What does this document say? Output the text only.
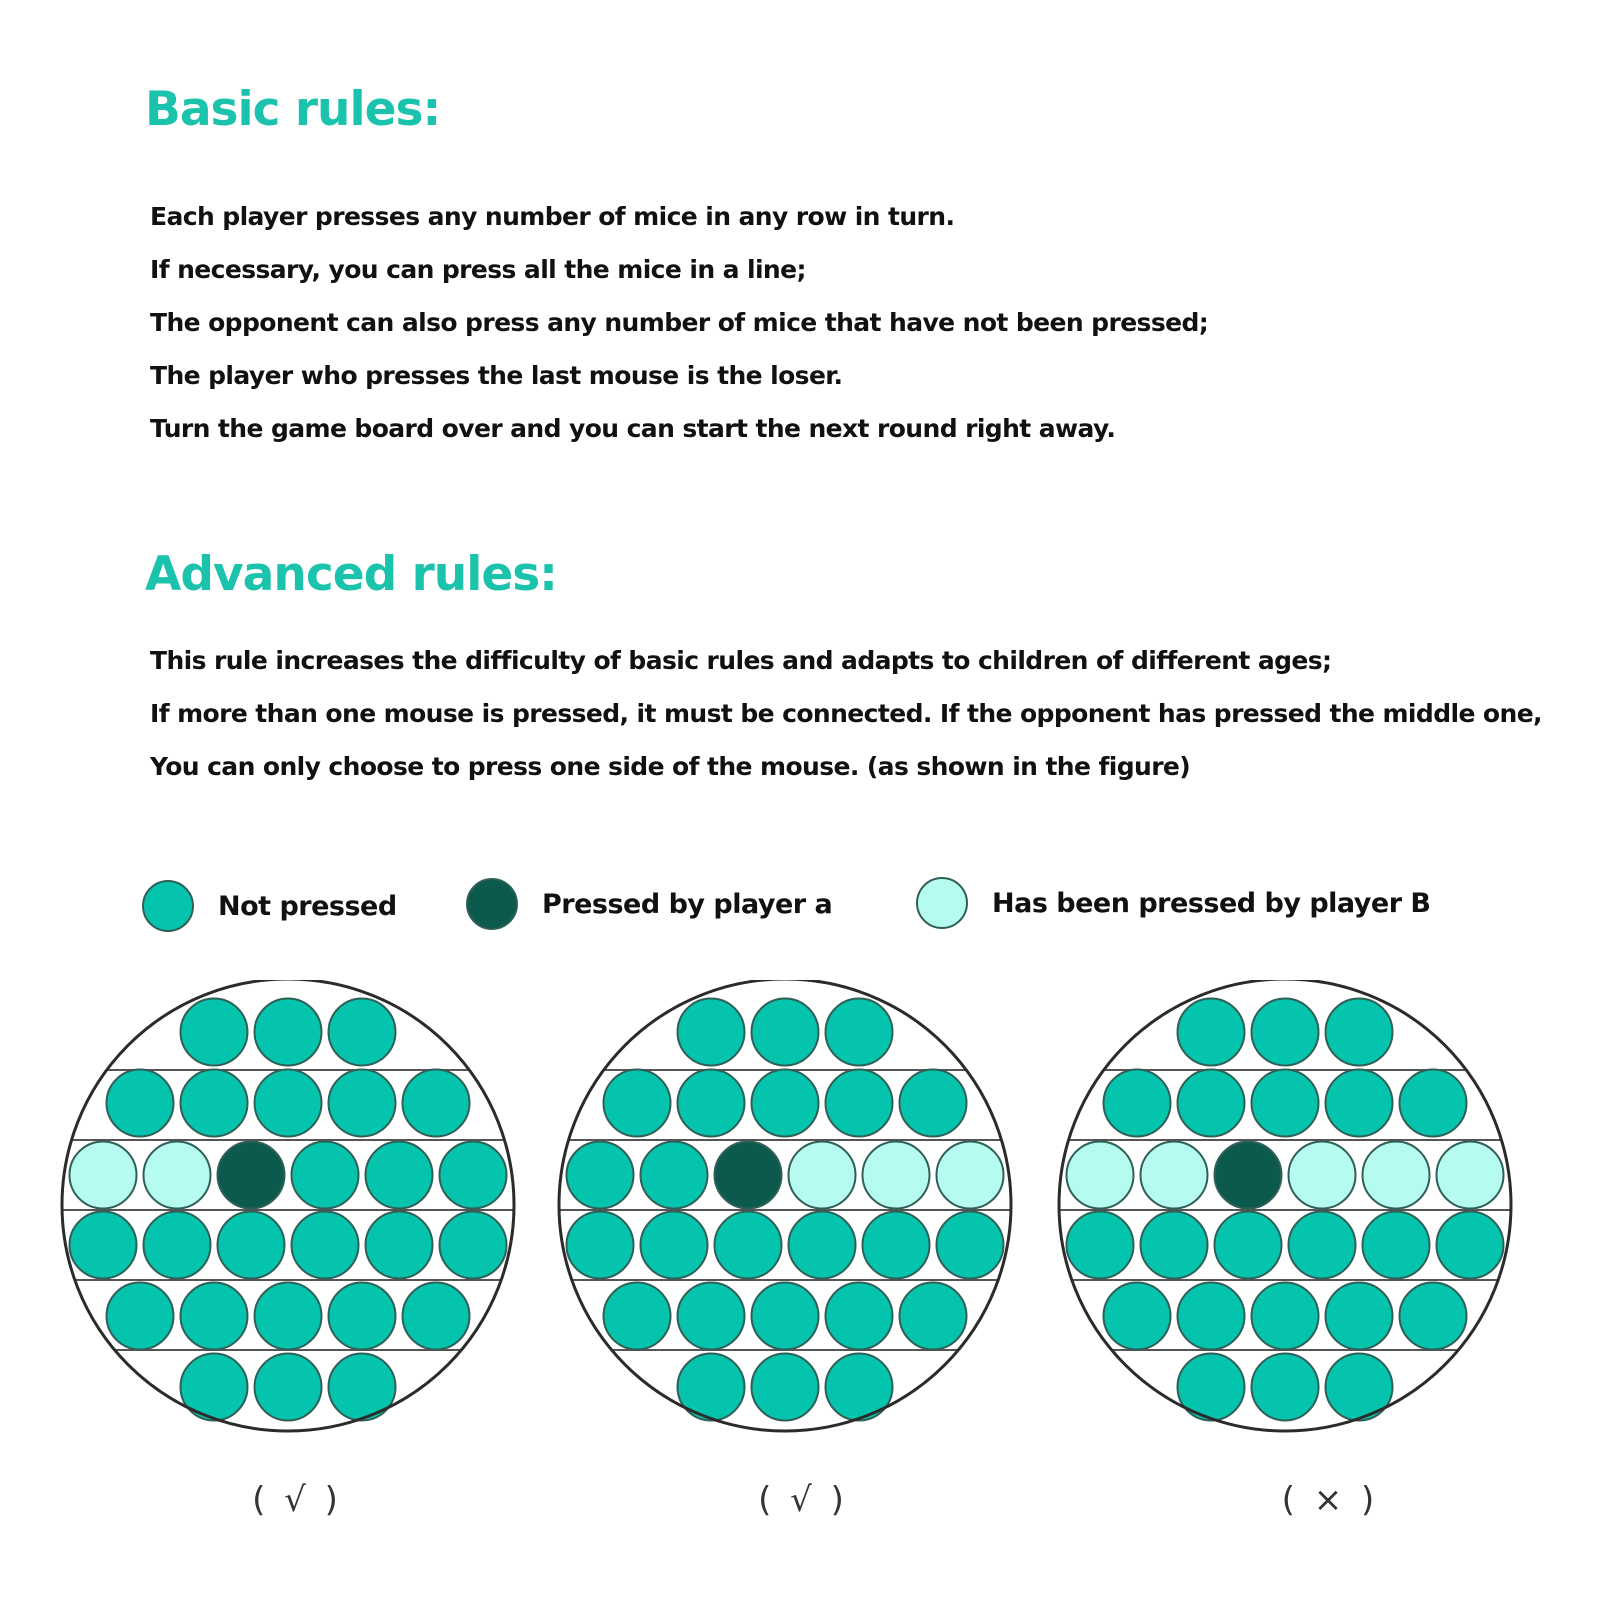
Basic rules:
Each player presses any number of mice in any row in turn.
If necessary, you can press all the mice in a line;
The opponent can also press any number of mice that have not been pressed;
The player who presses the last mouse is the loser.
Turn the game board over and you can start the next round right away.
Advanced rules:
This rule increases the difficulty of basic rules and adapts to children of different ages;
If more than one mouse is pressed, it must be connected. If the opponent has pressed the middle one,
You can only choose to press one side of the mouse. (as shown in the figure)
Not pressed	Pressed by player a	Has been pressed by player B
( √ )	( √ )	( × )
